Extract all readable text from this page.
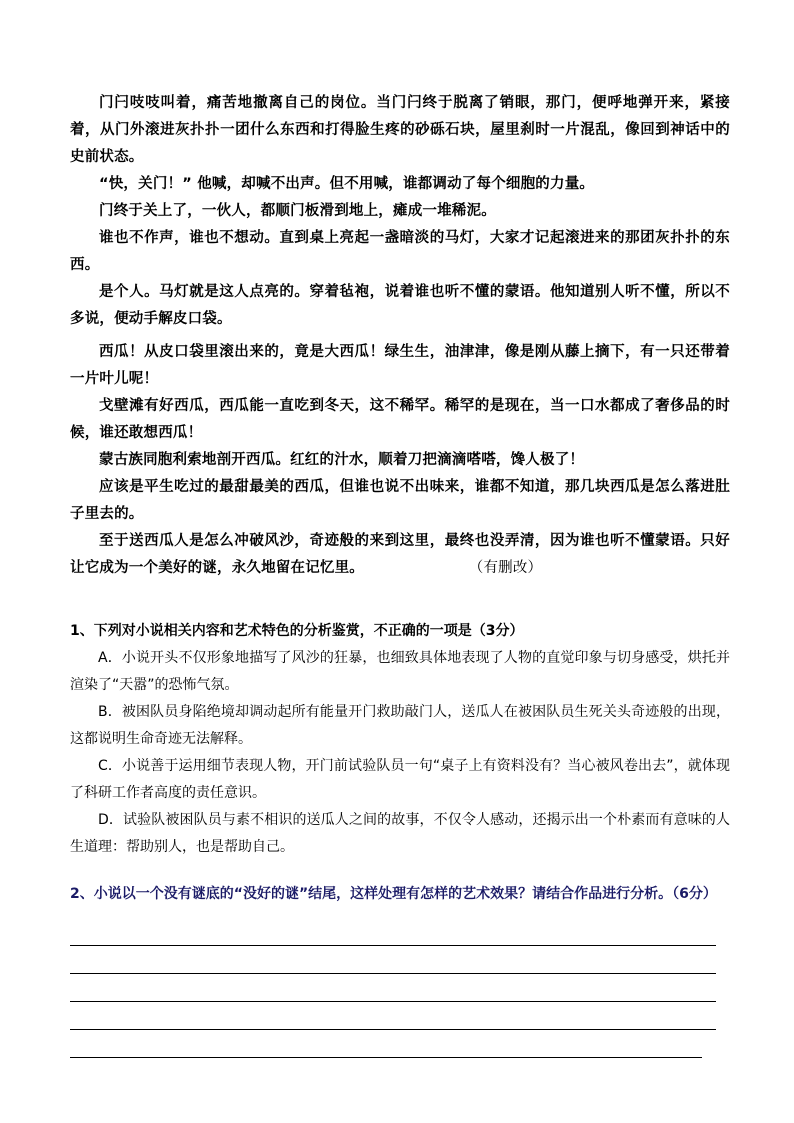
门闩吱吱叫着，痛苦地撤离自己的岗位。当门闩终于脱离了销眼，那门，便呼地弹开来，紧接着，从门外滚进灰扑扑一团什么东西和打得脸生疼的砂砾石块，屋里刹时一片混乱，像回到神话中的史前状态。

“快，关门！” 他喊，却喊不出声。但不用喊，谁都调动了每个细胞的力量。

门终于关上了，一伙人，都顺门板滑到地上，瘫成一堆稀泥。

谁也不作声，谁也不想动。直到桌上亮起一盏暗淡的马灯，大家才记起滚进来的那团灰扑扑的东西。

是个人。马灯就是这人点亮的。穿着毡袍，说着谁也听不懂的蒙语。他知道别人听不懂，所以不多说，便动手解皮口袋。

西瓜！从皮口袋里滚出来的，竟是大西瓜！绿生生，油津津，像是刚从藤上摘下，有一只还带着一片叶儿呢！

戈壁滩有好西瓜，西瓜能一直吃到冬天，这不稀罕。稀罕的是现在，当一口水都成了奢侈品的时候，谁还敢想西瓜！

蒙古族同胞利索地剖开西瓜。红红的汁水，顺着刀把滴滴嗒嗒，馋人极了！

应该是平生吃过的最甜最美的西瓜，但谁也说不出味来，谁都不知道，那几块西瓜是怎么落进肚子里去的。

至于送西瓜人是怎么冲破风沙，奇迹般的来到这里，最终也没弄清，因为谁也听不懂蒙语。只好让它成为一个美好的谜，永久地留在记忆里。	（有删改）

1、下列对小说相关内容和艺术特色的分析鉴赏，不正确的一项是（3分）

A．小说开头不仅形象地描写了风沙的狂暴，也细致具体地表现了人物的直觉印象与切身感受，烘托并渲染了“天嚣”的恐怖气氛。

B．被困队员身陷绝境却调动起所有能量开门救助敲门人，送瓜人在被困队员生死关头奇迹般的出现，这都说明生命奇迹无法解释。

C．小说善于运用细节表现人物，开门前试验队员一句“桌子上有资料没有？当心被风卷出去”，就体现了科研工作者高度的责任意识。

D．试验队被困队员与素不相识的送瓜人之间的故事，不仅令人感动，还揭示出一个朴素而有意味的人生道理：帮助别人，也是帮助自己。

2、小说以一个没有谜底的“没好的谜”结尾，这样处理有怎样的艺术效果？请结合作品进行分析。（6分）
